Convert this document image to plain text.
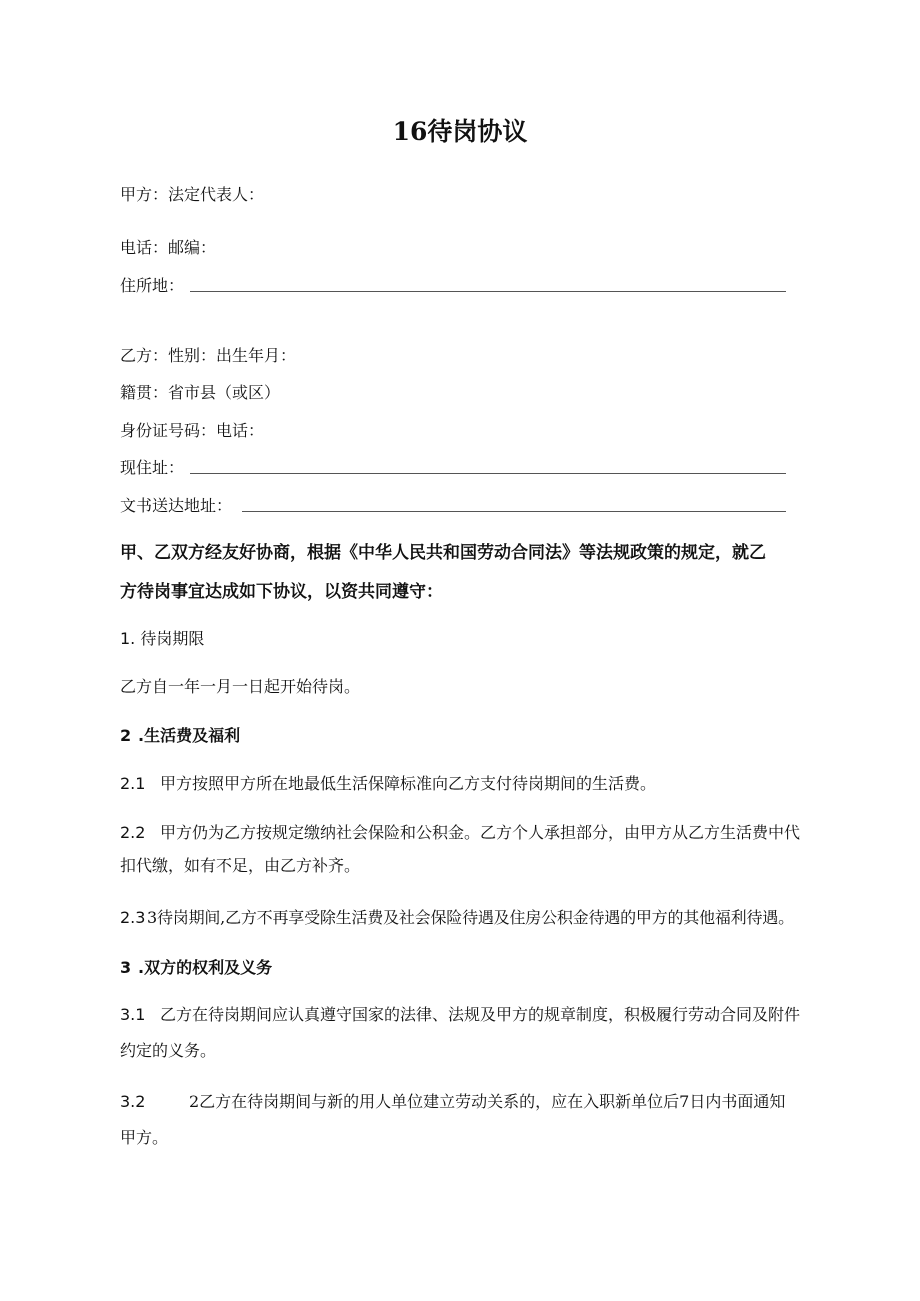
16待岗协议
甲方：法定代表人：
电话：邮编：
住所地：
乙方：性别：出生年月：
籍贯：省市县（或区）
身份证号码：电话：
现住址：
文书送达地址：
甲、乙双方经友好协商，根据《中华人民共和国劳动合同法》等法规政策的规定，就乙
方待岗事宜达成如下协议，以资共同遵守：
1. 待岗期限
乙方自一年一月一日起开始待岗。
2 .生活费及福利
2.1 甲方按照甲方所在地最低生活保障标准向乙方支付待岗期间的生活费。
2.2 甲方仍为乙方按规定缴纳社会保险和公积金。乙方个人承担部分，由甲方从乙方生活费中代
扣代缴，如有不足，由乙方补齐。
2.3 3待岗期间,乙方不再享受除生活费及社会保险待遇及住房公积金待遇的甲方的其他福利待遇。
3 .双方的权利及义务
3.1 乙方在待岗期间应认真遵守国家的法律、法规及甲方的规章制度，积极履行劳动合同及附件
约定的义务。
3.2	2乙方在待岗期间与新的用人单位建立劳动关系的，应在入职新单位后7日内书面通知
甲方。
